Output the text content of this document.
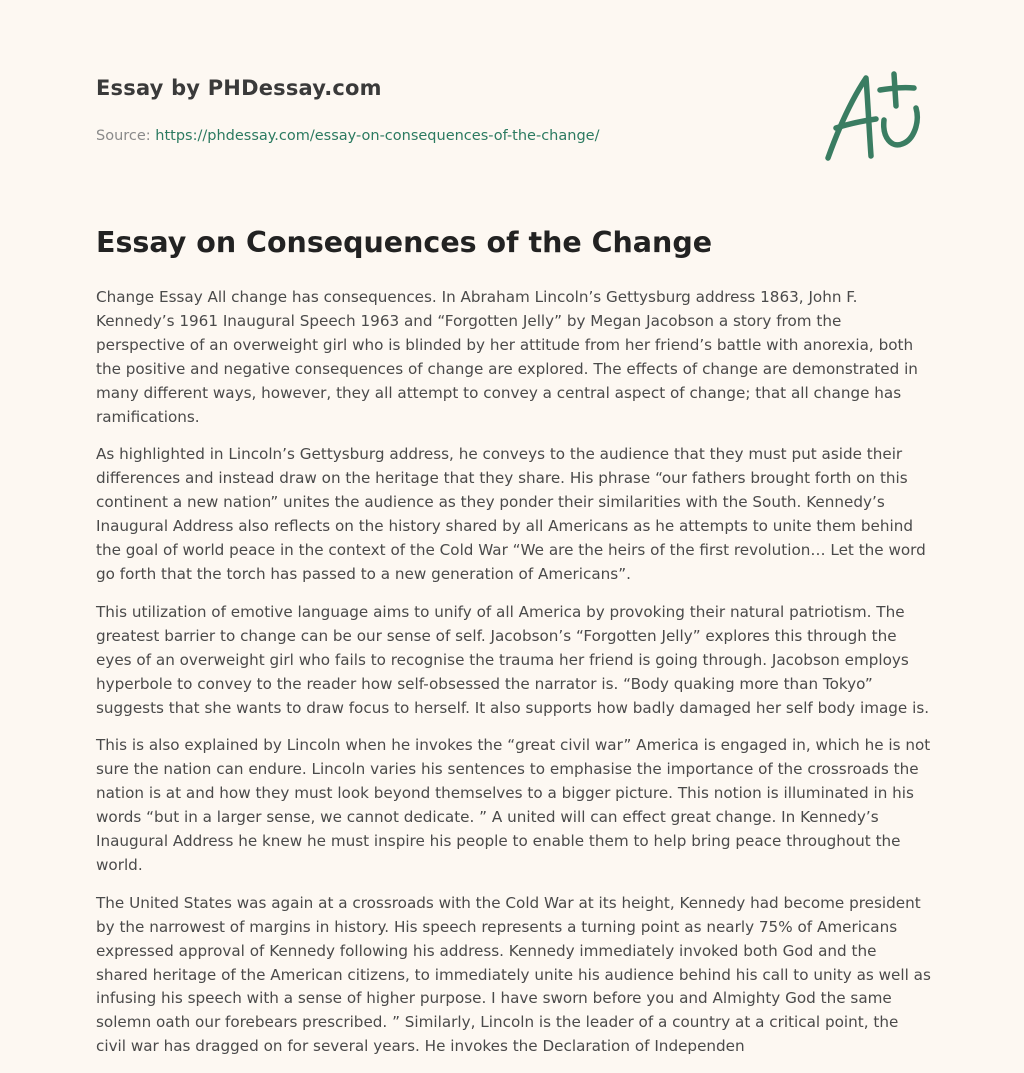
Essay by PHDessay.com
Source: https://phdessay.com/essay-on-consequences-of-the-change/
Essay on Consequences of the Change

Change Essay All change has consequences. In Abraham Lincoln’s Gettysburg address 1863, John F. Kennedy’s 1961 Inaugural Speech 1963 and “Forgotten Jelly” by Megan Jacobson a story from the perspective of an overweight girl who is blinded by her attitude from her friend’s battle with anorexia, both the positive and negative consequences of change are explored. The effects of change are demonstrated in many different ways, however, they all attempt to convey a central aspect of change; that all change has ramifications.

As highlighted in Lincoln’s Gettysburg address, he conveys to the audience that they must put aside their differences and instead draw on the heritage that they share. His phrase “our fathers brought forth on this continent a new nation” unites the audience as they ponder their similarities with the South. Kennedy’s Inaugural Address also reflects on the history shared by all Americans as he attempts to unite them behind the goal of world peace in the context of the Cold War “We are the heirs of the first revolution… Let the word go forth that the torch has passed to a new generation of Americans”.

This utilization of emotive language aims to unify of all America by provoking their natural patriotism. The greatest barrier to change can be our sense of self. Jacobson’s “Forgotten Jelly” explores this through the eyes of an overweight girl who fails to recognise the trauma her friend is going through. Jacobson employs hyperbole to convey to the reader how self-obsessed the narrator is. “Body quaking more than Tokyo” suggests that she wants to draw focus to herself. It also supports how badly damaged her self body image is.

This is also explained by Lincoln when he invokes the “great civil war” America is engaged in, which he is not sure the nation can endure. Lincoln varies his sentences to emphasise the importance of the crossroads the nation is at and how they must look beyond themselves to a bigger picture. This notion is illuminated in his words “but in a larger sense, we cannot dedicate. ” A united will can effect great change. In Kennedy’s Inaugural Address he knew he must inspire his people to enable them to help bring peace throughout the world.

The United States was again at a crossroads with the Cold War at its height, Kennedy had become president by the narrowest of margins in history. His speech represents a turning point as nearly 75% of Americans expressed approval of Kennedy following his address. Kennedy immediately invoked both God and the shared heritage of the American citizens, to immediately unite his audience behind his call to unity as well as infusing his speech with a sense of higher purpose. I have sworn before you and Almighty God the same solemn oath our forebears prescribed. ” Similarly, Lincoln is the leader of a country at a critical point, the civil war has dragged on for several years. He invokes the Declaration of Independen
